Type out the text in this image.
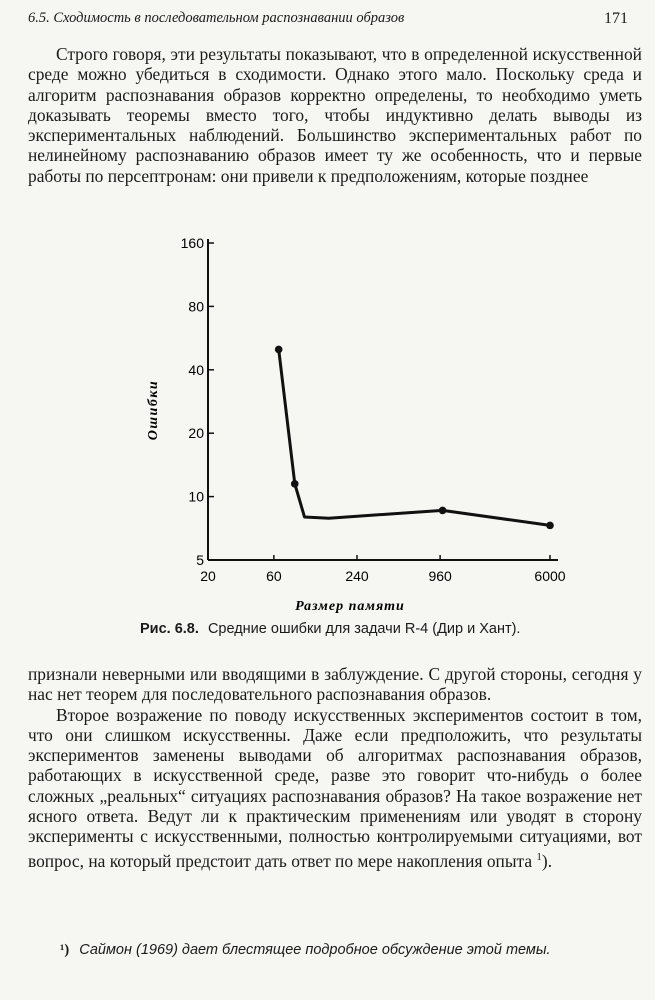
6.5. Сходимость в последовательном распознавании образов	171

Строго говоря, эти результаты показывают, что в определенной искусственной среде можно убедиться в сходимости. Однако этого мало. Поскольку среда и алгоритм распознавания образов корректно определены, то необходимо уметь доказывать теоремы вместо того, чтобы индуктивно делать выводы из экспериментальных наблюдений. Большинство экспериментальных работ по нелинейному распознаванию образов имеет ту же особенность, что и первые работы по персептронам: они привели к предположениям, которые позднее

5
10
20
40
80
160
20	60	240	960	6000
Ошибки
Размер памяти
Рис. 6.8. Средние ошибки для задачи R-4 (Дир и Хант).

признали неверными или вводящими в заблуждение. С другой стороны, сегодня у нас нет теорем для последовательного распознавания образов.

Второе возражение по поводу искусственных экспериментов состоит в том, что они слишком искусственны. Даже если предположить, что результаты экспериментов заменены выводами об алгоритмах распознавания образов, работающих в искусственной среде, разве это говорит что-нибудь о более сложных „реальных“ ситуациях распознавания образов? На такое возражение нет ясного ответа. Ведут ли к практическим применениям или уводят в сторону эксперименты с искусственными, полностью контролируемыми ситуациями, вот вопрос, на который предстоит дать ответ по мере накопления опыта $^1$).

¹) Саймон (1969) дает блестящее подробное обсуждение этой темы.
